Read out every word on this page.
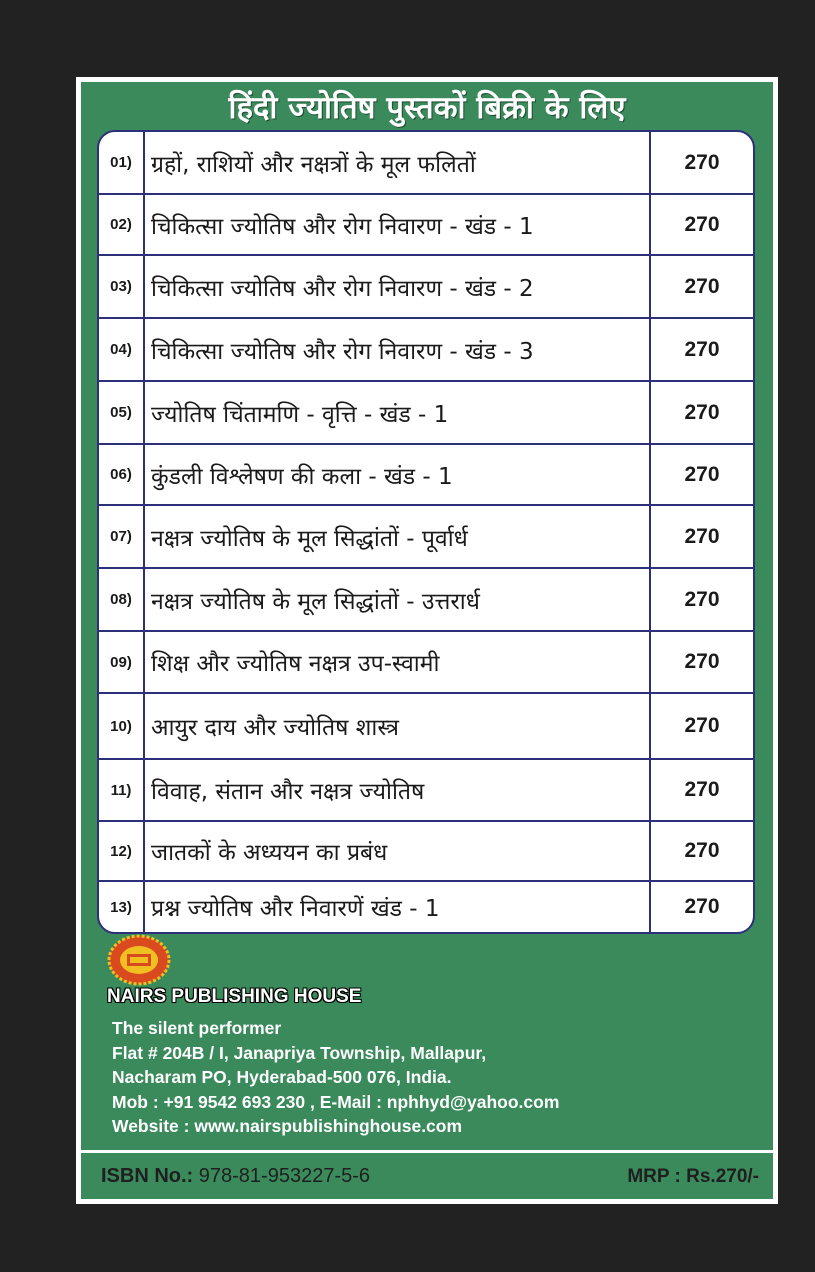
हिंदी ज्योतिष पुस्तकों बिक्री के लिए
01) ग्रहों, राशियों और नक्षत्रों के मूल फलितों	270
02) चिकित्सा ज्योतिष और रोग निवारण - खंड - 1	270
03) चिकित्सा ज्योतिष और रोग निवारण - खंड - 2	270
04) चिकित्सा ज्योतिष और रोग निवारण - खंड - 3	270
05) ज्योतिष चिंतामणि - वृत्ति - खंड - 1	270
06) कुंडली विश्लेषण की कला - खंड - 1	270
07) नक्षत्र ज्योतिष के मूल सिद्धांतों - पूर्वार्ध	270
08) नक्षत्र ज्योतिष के मूल सिद्धांतों - उत्तरार्ध	270
09) शिक्ष और ज्योतिष नक्षत्र उप-स्वामी	270
10) आयुर दाय और ज्योतिष शास्त्र	270
11) विवाह, संतान और नक्षत्र ज्योतिष	270
12) जातकों के अध्ययन का प्रबंध	270
13) प्रश्न ज्योतिष और निवारणें खंड - 1	270
NAIRS PUBLISHING HOUSE
The silent performer
Flat # 204B / I, Janapriya Township, Mallapur,
Nacharam PO, Hyderabad-500 076, India.
Mob : +91 9542 693 230 , E-Mail : nphhyd@yahoo.com
Website : www.nairspublishinghouse.com
ISBN No.: 978-81-953227-5-6	MRP : Rs.270/-
